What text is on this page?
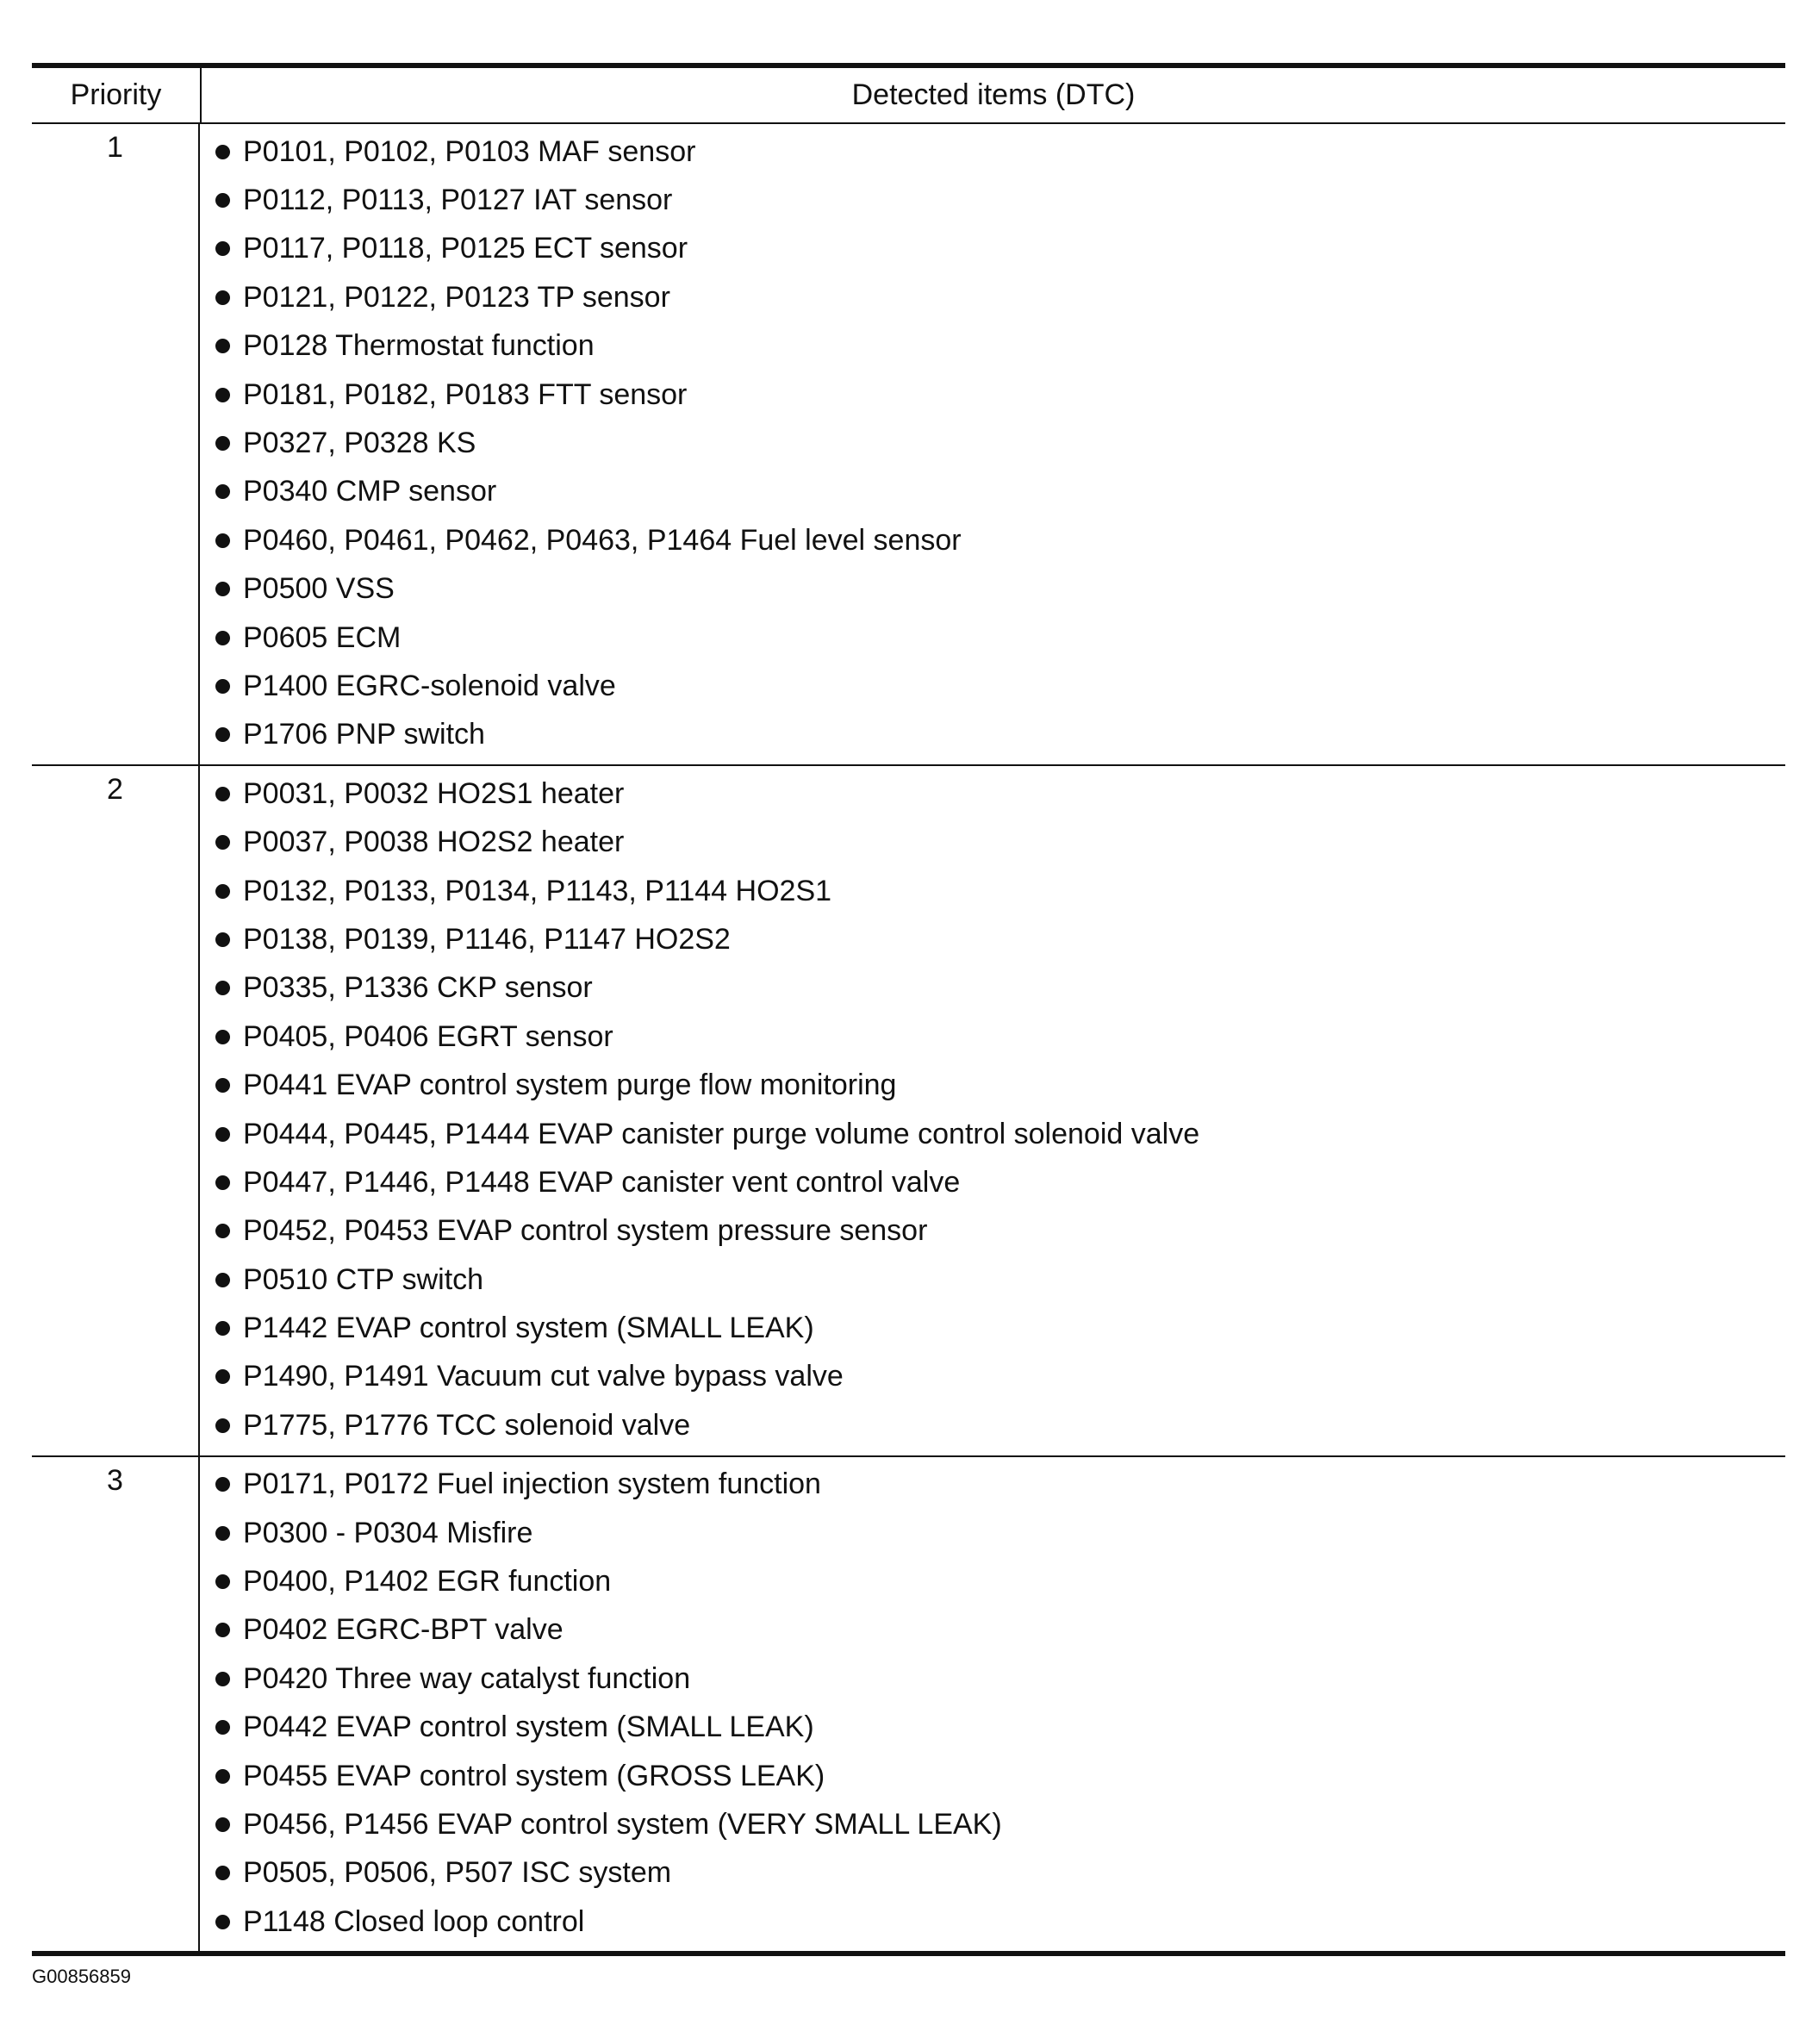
Priority	Detected items (DTC)
1	P0101, P0102, P0103 MAF sensor
P0112, P0113, P0127 IAT sensor
P0117, P0118, P0125 ECT sensor
P0121, P0122, P0123 TP sensor
P0128 Thermostat function
P0181, P0182, P0183 FTT sensor
P0327, P0328 KS
P0340 CMP sensor
P0460, P0461, P0462, P0463, P1464 Fuel level sensor
P0500 VSS
P0605 ECM
P1400 EGRC-solenoid valve
P1706 PNP switch
2	P0031, P0032 HO2S1 heater
P0037, P0038 HO2S2 heater
P0132, P0133, P0134, P1143, P1144 HO2S1
P0138, P0139, P1146, P1147 HO2S2
P0335, P1336 CKP sensor
P0405, P0406 EGRT sensor
P0441 EVAP control system purge flow monitoring
P0444, P0445, P1444 EVAP canister purge volume control solenoid valve
P0447, P1446, P1448 EVAP canister vent control valve
P0452, P0453 EVAP control system pressure sensor
P0510 CTP switch
P1442 EVAP control system (SMALL LEAK)
P1490, P1491 Vacuum cut valve bypass valve
P1775, P1776 TCC solenoid valve
3	P0171, P0172 Fuel injection system function
P0300 - P0304 Misfire
P0400, P1402 EGR function
P0402 EGRC-BPT valve
P0420 Three way catalyst function
P0442 EVAP control system (SMALL LEAK)
P0455 EVAP control system (GROSS LEAK)
P0456, P1456 EVAP control system (VERY SMALL LEAK)
P0505, P0506, P507 ISC system
P1148 Closed loop control
G00856859
